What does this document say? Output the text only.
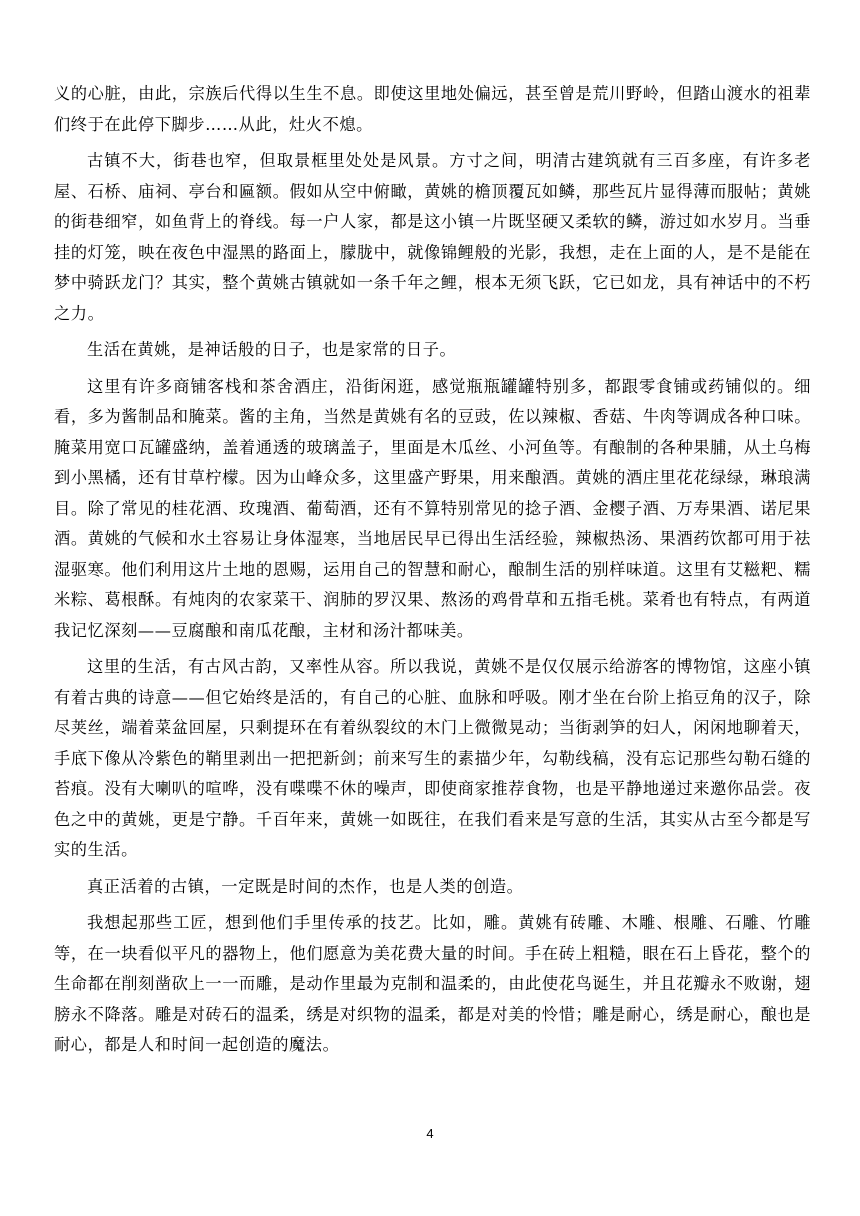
义的心脏，由此，宗族后代得以生生不息。即使这里地处偏远，甚至曾是荒川野岭，但踏山渡水的祖辈们终于在此停下脚步……从此，灶火不熄。

古镇不大，街巷也窄，但取景框里处处是风景。方寸之间，明清古建筑就有三百多座，有许多老屋、石桥、庙祠、亭台和匾额。假如从空中俯瞰，黄姚的檐顶覆瓦如鳞，那些瓦片显得薄而服帖；黄姚的街巷细窄，如鱼背上的脊线。每一户人家，都是这小镇一片既坚硬又柔软的鳞，游过如水岁月。当垂挂的灯笼，映在夜色中湿黑的路面上，朦胧中，就像锦鲤般的光影，我想，走在上面的人，是不是能在梦中骑跃龙门？其实，整个黄姚古镇就如一条千年之鲤，根本无须飞跃，它已如龙，具有神话中的不朽之力。

生活在黄姚，是神话般的日子，也是家常的日子。

这里有许多商铺客栈和茶舍酒庄，沿街闲逛，感觉瓶瓶罐罐特别多，都跟零食铺或药铺似的。细看，多为酱制品和腌菜。酱的主角，当然是黄姚有名的豆豉，佐以辣椒、香菇、牛肉等调成各种口味。腌菜用宽口瓦罐盛纳，盖着通透的玻璃盖子，里面是木瓜丝、小河鱼等。有酿制的各种果脯，从土乌梅到小黑橘，还有甘草柠檬。因为山峰众多，这里盛产野果，用来酿酒。黄姚的酒庄里花花绿绿，琳琅满目。除了常见的桂花酒、玫瑰酒、葡萄酒，还有不算特别常见的捻子酒、金樱子酒、万寿果酒、诺尼果酒。黄姚的气候和水土容易让身体湿寒，当地居民早已得出生活经验，辣椒热汤、果酒药饮都可用于祛湿驱寒。他们利用这片土地的恩赐，运用自己的智慧和耐心，酿制生活的别样味道。这里有艾糍粑、糯米粽、葛根酥。有炖肉的农家菜干、润肺的罗汉果、熬汤的鸡骨草和五指毛桃。菜肴也有特点，有两道我记忆深刻——豆腐酿和南瓜花酿，主材和汤汁都味美。

这里的生活，有古风古韵，又率性从容。所以我说，黄姚不是仅仅展示给游客的博物馆，这座小镇有着古典的诗意——但它始终是活的，有自己的心脏、血脉和呼吸。刚才坐在台阶上掐豆角的汉子，除尽荚丝，端着菜盆回屋，只剩提环在有着纵裂纹的木门上微微晃动；当街剥笋的妇人，闲闲地聊着天，手底下像从冷紫色的鞘里剥出一把把新剑；前来写生的素描少年，勾勒线稿，没有忘记那些勾勒石缝的苔痕。没有大喇叭的喧哗，没有喋喋不休的噪声，即使商家推荐食物，也是平静地递过来邀你品尝。夜色之中的黄姚，更是宁静。千百年来，黄姚一如既往，在我们看来是写意的生活，其实从古至今都是写实的生活。

真正活着的古镇，一定既是时间的杰作，也是人类的创造。

我想起那些工匠，想到他们手里传承的技艺。比如，雕。黄姚有砖雕、木雕、根雕、石雕、竹雕等，在一块看似平凡的器物上，他们愿意为美花费大量的时间。手在砖上粗糙，眼在石上昏花，整个的生命都在削刻凿砍上一一而雕，是动作里最为克制和温柔的，由此使花鸟诞生，并且花瓣永不败谢，翅膀永不降落。雕是对砖石的温柔，绣是对织物的温柔，都是对美的怜惜；雕是耐心，绣是耐心，酿也是耐心，都是人和时间一起创造的魔法。

4
